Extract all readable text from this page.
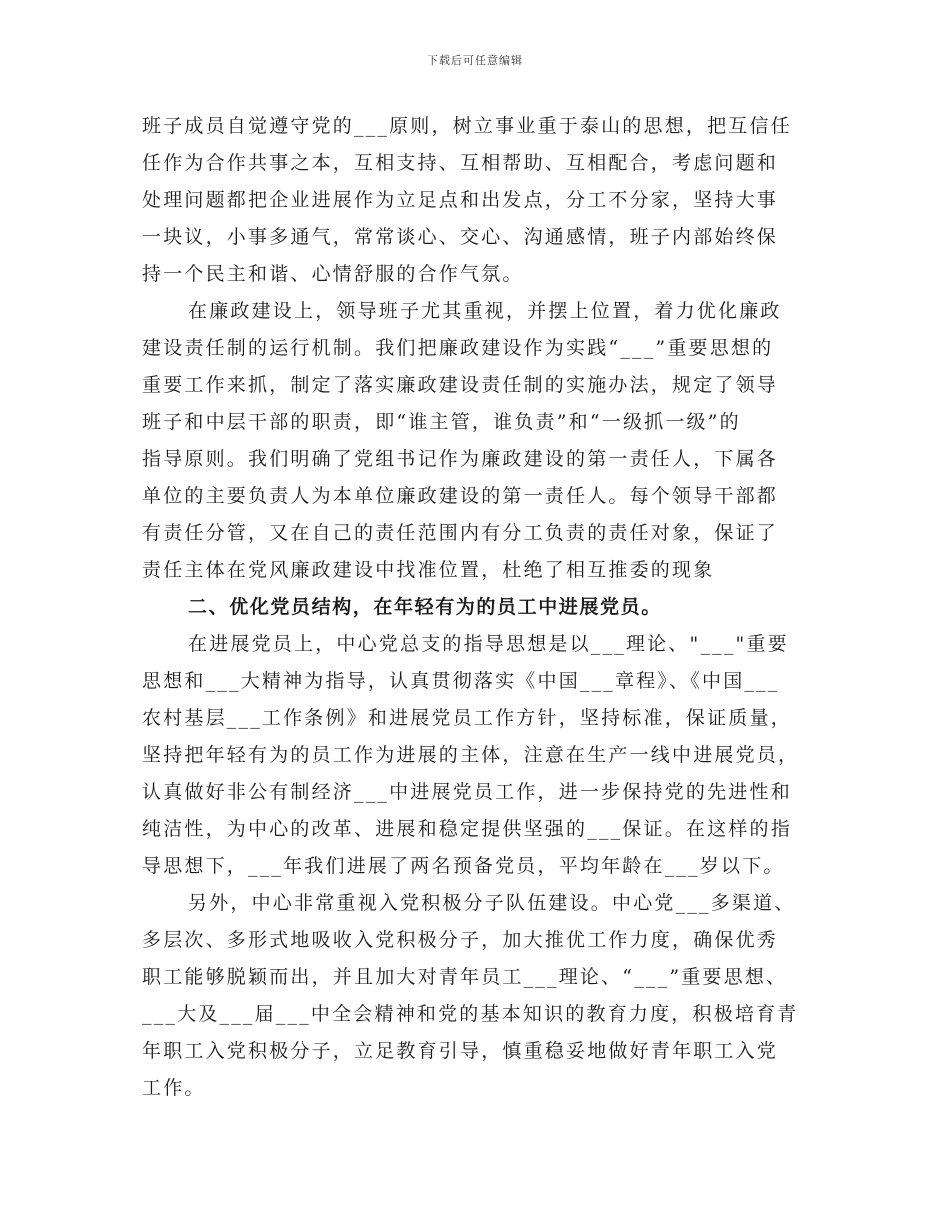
下载后可任意编辑
班子成员自觉遵守党的___原则，树立事业重于泰山的思想，把互信任
任作为合作共事之本，互相支持、互相帮助、互相配合，考虑问题和
处理问题都把企业进展作为立足点和出发点，分工不分家，坚持大事
一块议，小事多通气，常常谈心、交心、沟通感情，班子内部始终保
持一个民主和谐、心情舒服的合作气氛。
在廉政建设上，领导班子尤其重视，并摆上位置，着力优化廉政
建设责任制的运行机制。我们把廉政建设作为实践“___”重要思想的
重要工作来抓，制定了落实廉政建设责任制的实施办法，规定了领导
班子和中层干部的职责，即“谁主管，谁负责”和“一级抓一级”的
指导原则。我们明确了党组书记作为廉政建设的第一责任人，下属各
单位的主要负责人为本单位廉政建设的第一责任人。每个领导干部都
有责任分管，又在自己的责任范围内有分工负责的责任对象，保证了
责任主体在党风廉政建设中找准位置，杜绝了相互推委的现象
二、优化党员结构，在年轻有为的员工中进展党员。
在进展党员上，中心党总支的指导思想是以___理论、"___"重要
思想和___大精神为指导，认真贯彻落实《中国___章程》、《中国___
农村基层___工作条例》和进展党员工作方针，坚持标准，保证质量，
坚持把年轻有为的员工作为进展的主体，注意在生产一线中进展党员，
认真做好非公有制经济___中进展党员工作，进一步保持党的先进性和
纯洁性，为中心的改革、进展和稳定提供坚强的___保证。在这样的指
导思想下，___年我们进展了两名预备党员，平均年龄在___岁以下。
另外，中心非常重视入党积极分子队伍建设。中心党___多渠道、
多层次、多形式地吸收入党积极分子，加大推优工作力度，确保优秀
职工能够脱颖而出，并且加大对青年员工___理论、“___”重要思想、
___大及___届___中全会精神和党的基本知识的教育力度，积极培育青
年职工入党积极分子，立足教育引导，慎重稳妥地做好青年职工入党
工作。
